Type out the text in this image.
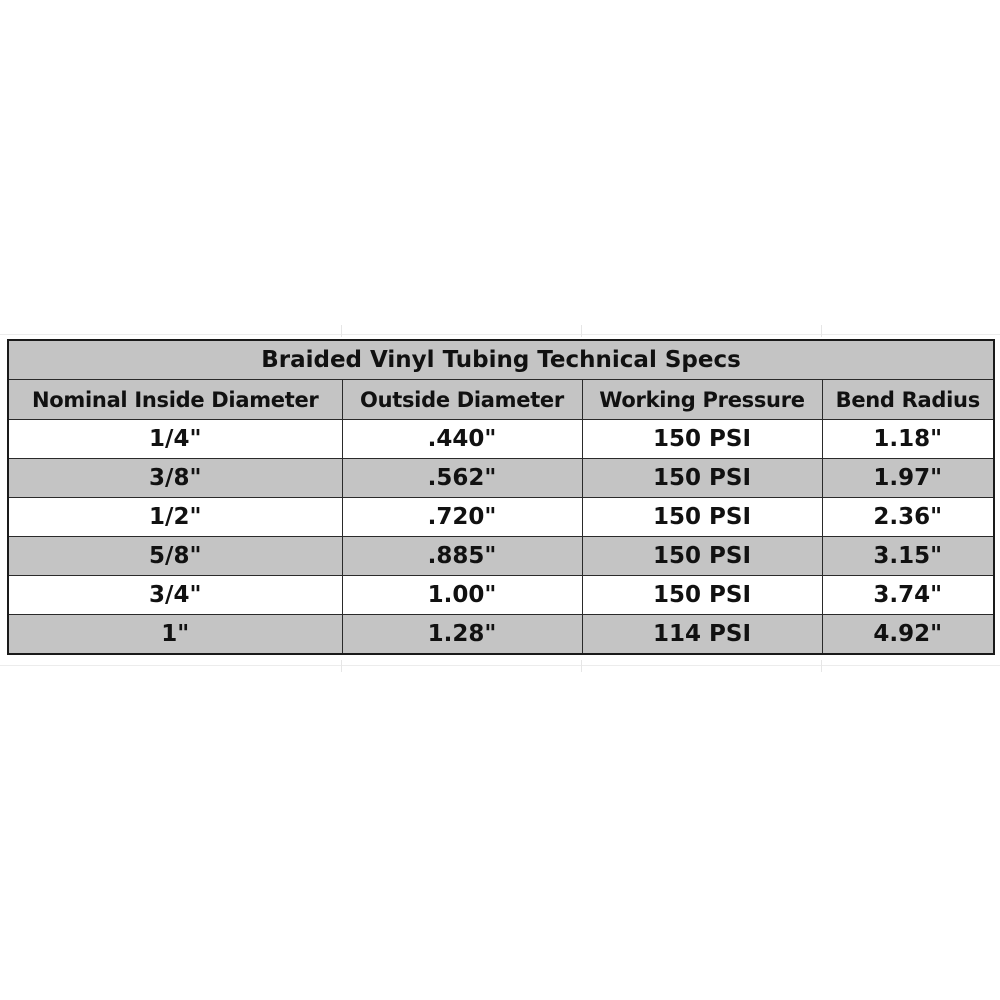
Braided Vinyl Tubing Technical Specs			
Nominal Inside Diameter	Outside Diameter	Working Pressure	Bend Radius
1/4"	.440"	150 PSI	1.18"
3/8"	.562"	150 PSI	1.97"
1/2"	.720"	150 PSI	2.36"
5/8"	.885"	150 PSI	3.15"
3/4"	1.00"	150 PSI	3.74"
1"	1.28"	114 PSI	4.92"
